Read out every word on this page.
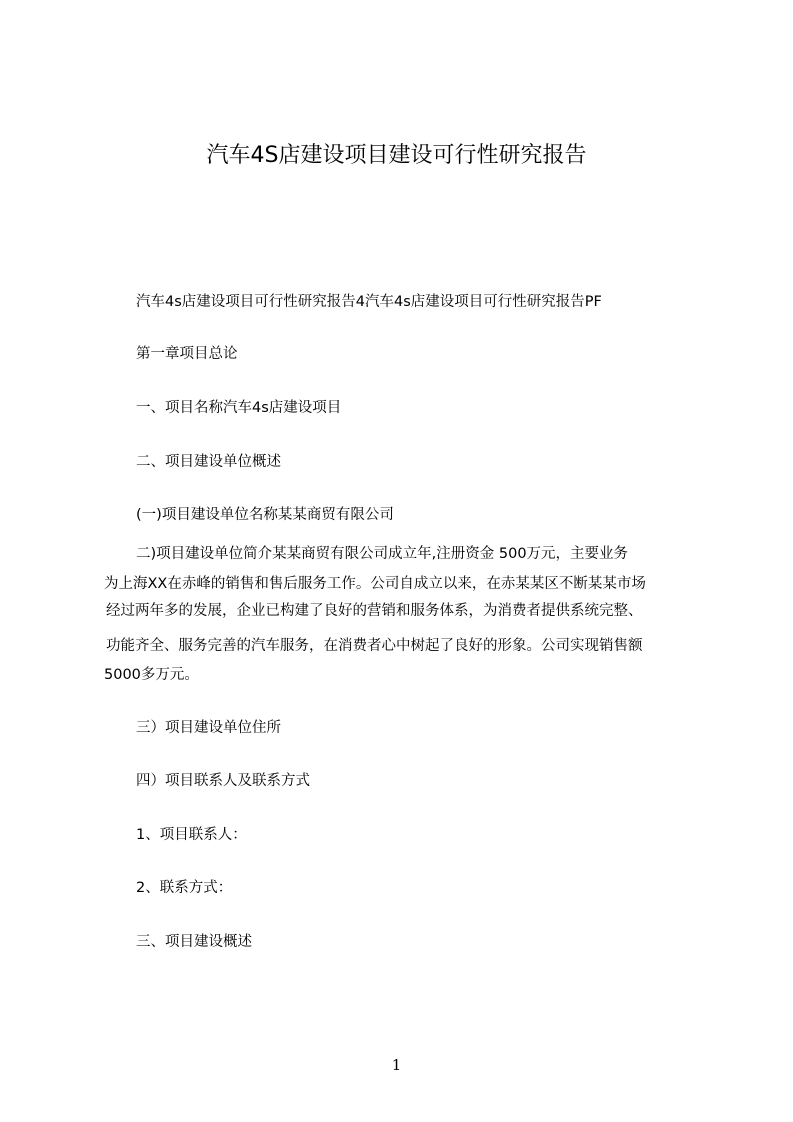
汽车4S店建设项目建设可行性研究报告

汽车4s店建设项目可行性研究报告4汽车4s店建设项目可行性研究报告PF

第一章项目总论

一、项目名称汽车4s店建设项目

二、项目建设单位概述

(一)项目建设单位名称某某商贸有限公司

二)项目建设单位简介某某商贸有限公司成立年,注册资金 500万元，主要业务

为上海XX在赤峰的销售和售后服务工作。公司自成立以来，在赤某某区不断某某市场

经过两年多的发展，企业已构建了良好的营销和服务体系，为消费者提供系统完整、

功能齐全、服务完善的汽车服务，在消费者心中树起了良好的形象。公司实现销售额

5000多万元。

三）项目建设单位住所

四）项目联系人及联系方式

1、项目联系人：

2、联系方式：

三、项目建设概述

1
